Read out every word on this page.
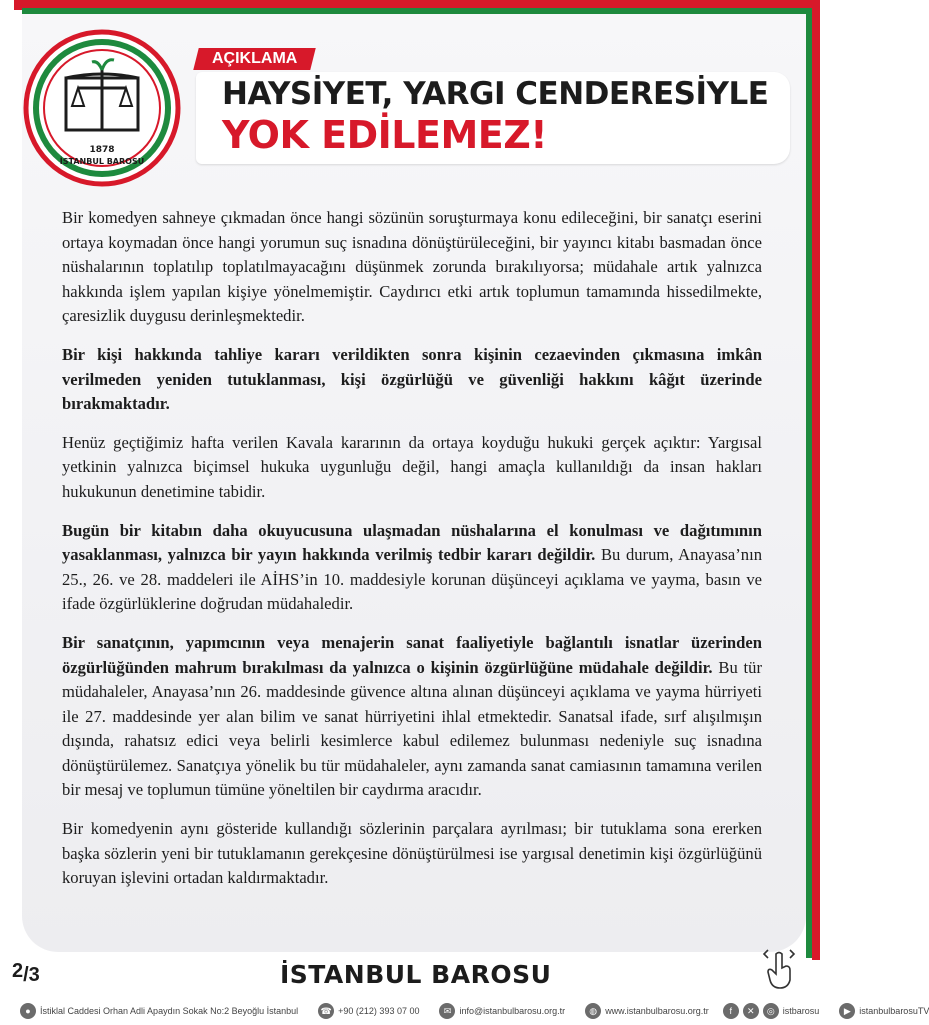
1878
İSTANBUL BAROSU
AÇIKLAMA
HAYSİYET, YARGI CENDERESİYLE
YOK EDİLEMEZ!

Bir komedyen sahneye çıkmadan önce hangi sözünün soruşturmaya konu edileceğini, bir sanatçı eserini ortaya koymadan önce hangi yorumun suç isnadına dönüştürüleceğini, bir yayıncı kitabı basmadan önce nüshalarının toplatılıp toplatılmayacağını düşünmek zorunda bırakılıyorsa; müdahale artık yalnızca hakkında işlem yapılan kişiye yönelmemiştir. Caydırıcı etki artık toplumun tamamında hissedilmekte, çaresizlik duygusu derinleşmektedir.

Bir kişi hakkında tahliye kararı verildikten sonra kişinin cezaevinden çıkmasına imkân verilmeden yeniden tutuklanması, kişi özgürlüğü ve güvenliği hakkını kâğıt üzerinde bırakmaktadır.

Henüz geçtiğimiz hafta verilen Kavala kararının da ortaya koyduğu hukuki gerçek açıktır: Yargısal yetkinin yalnızca biçimsel hukuka uygunluğu değil, hangi amaçla kullanıldığı da insan hakları hukukunun denetimine tabidir.

Bugün bir kitabın daha okuyucusuna ulaşmadan nüshalarına el konulması ve dağıtımının yasaklanması, yalnızca bir yayın hakkında verilmiş tedbir kararı değildir. Bu durum, Anayasa’nın 25., 26. ve 28. maddeleri ile AİHS’in 10. maddesiyle korunan düşünceyi açıklama ve yayma, basın ve ifade özgürlüklerine doğrudan müdahaledir.

Bir sanatçının, yapımcının veya menajerin sanat faaliyetiyle bağlantılı isnatlar üzerinden özgürlüğünden mahrum bırakılması da yalnızca o kişinin özgürlüğüne müdahale değildir. Bu tür müdahaleler, Anayasa’nın 26. maddesinde güvence altına alınan düşünceyi açıklama ve yayma hürriyeti ile 27. maddesinde yer alan bilim ve sanat hürriyetini ihlal etmektedir. Sanatsal ifade, sırf alışılmışın dışında, rahatsız edici veya belirli kesimlerce kabul edilemez bulunması nedeniyle suç isnadına dönüştürülemez. Sanatçıya yönelik bu tür müdahaleler, aynı zamanda sanat camiasının tamamına verilen bir mesaj ve toplumun tümüne yöneltilen bir caydırma aracıdır.

Bir komedyenin aynı gösteride kullandığı sözlerinin parçalara ayrılması; bir tutuklama sona ererken başka sözlerin yeni bir tutuklamanın gerekçesine dönüştürülmesi ise yargısal denetimin kişi özgürlüğünü koruyan işlevini ortadan kaldırmaktadır.

$2_{/3}$	İSTANBUL BAROSU
●	İstiklal Caddesi Orhan Adli Apaydın Sokak No:2 Beyoğlu İstanbul ☎ +90 (212) 393 07 00	✉ info@istanbulbarosu.org.tr	◍ www.istanbulbarosu.org.tr	f	✕	◎ istbarosu	▶ istanbulbarosuTV
